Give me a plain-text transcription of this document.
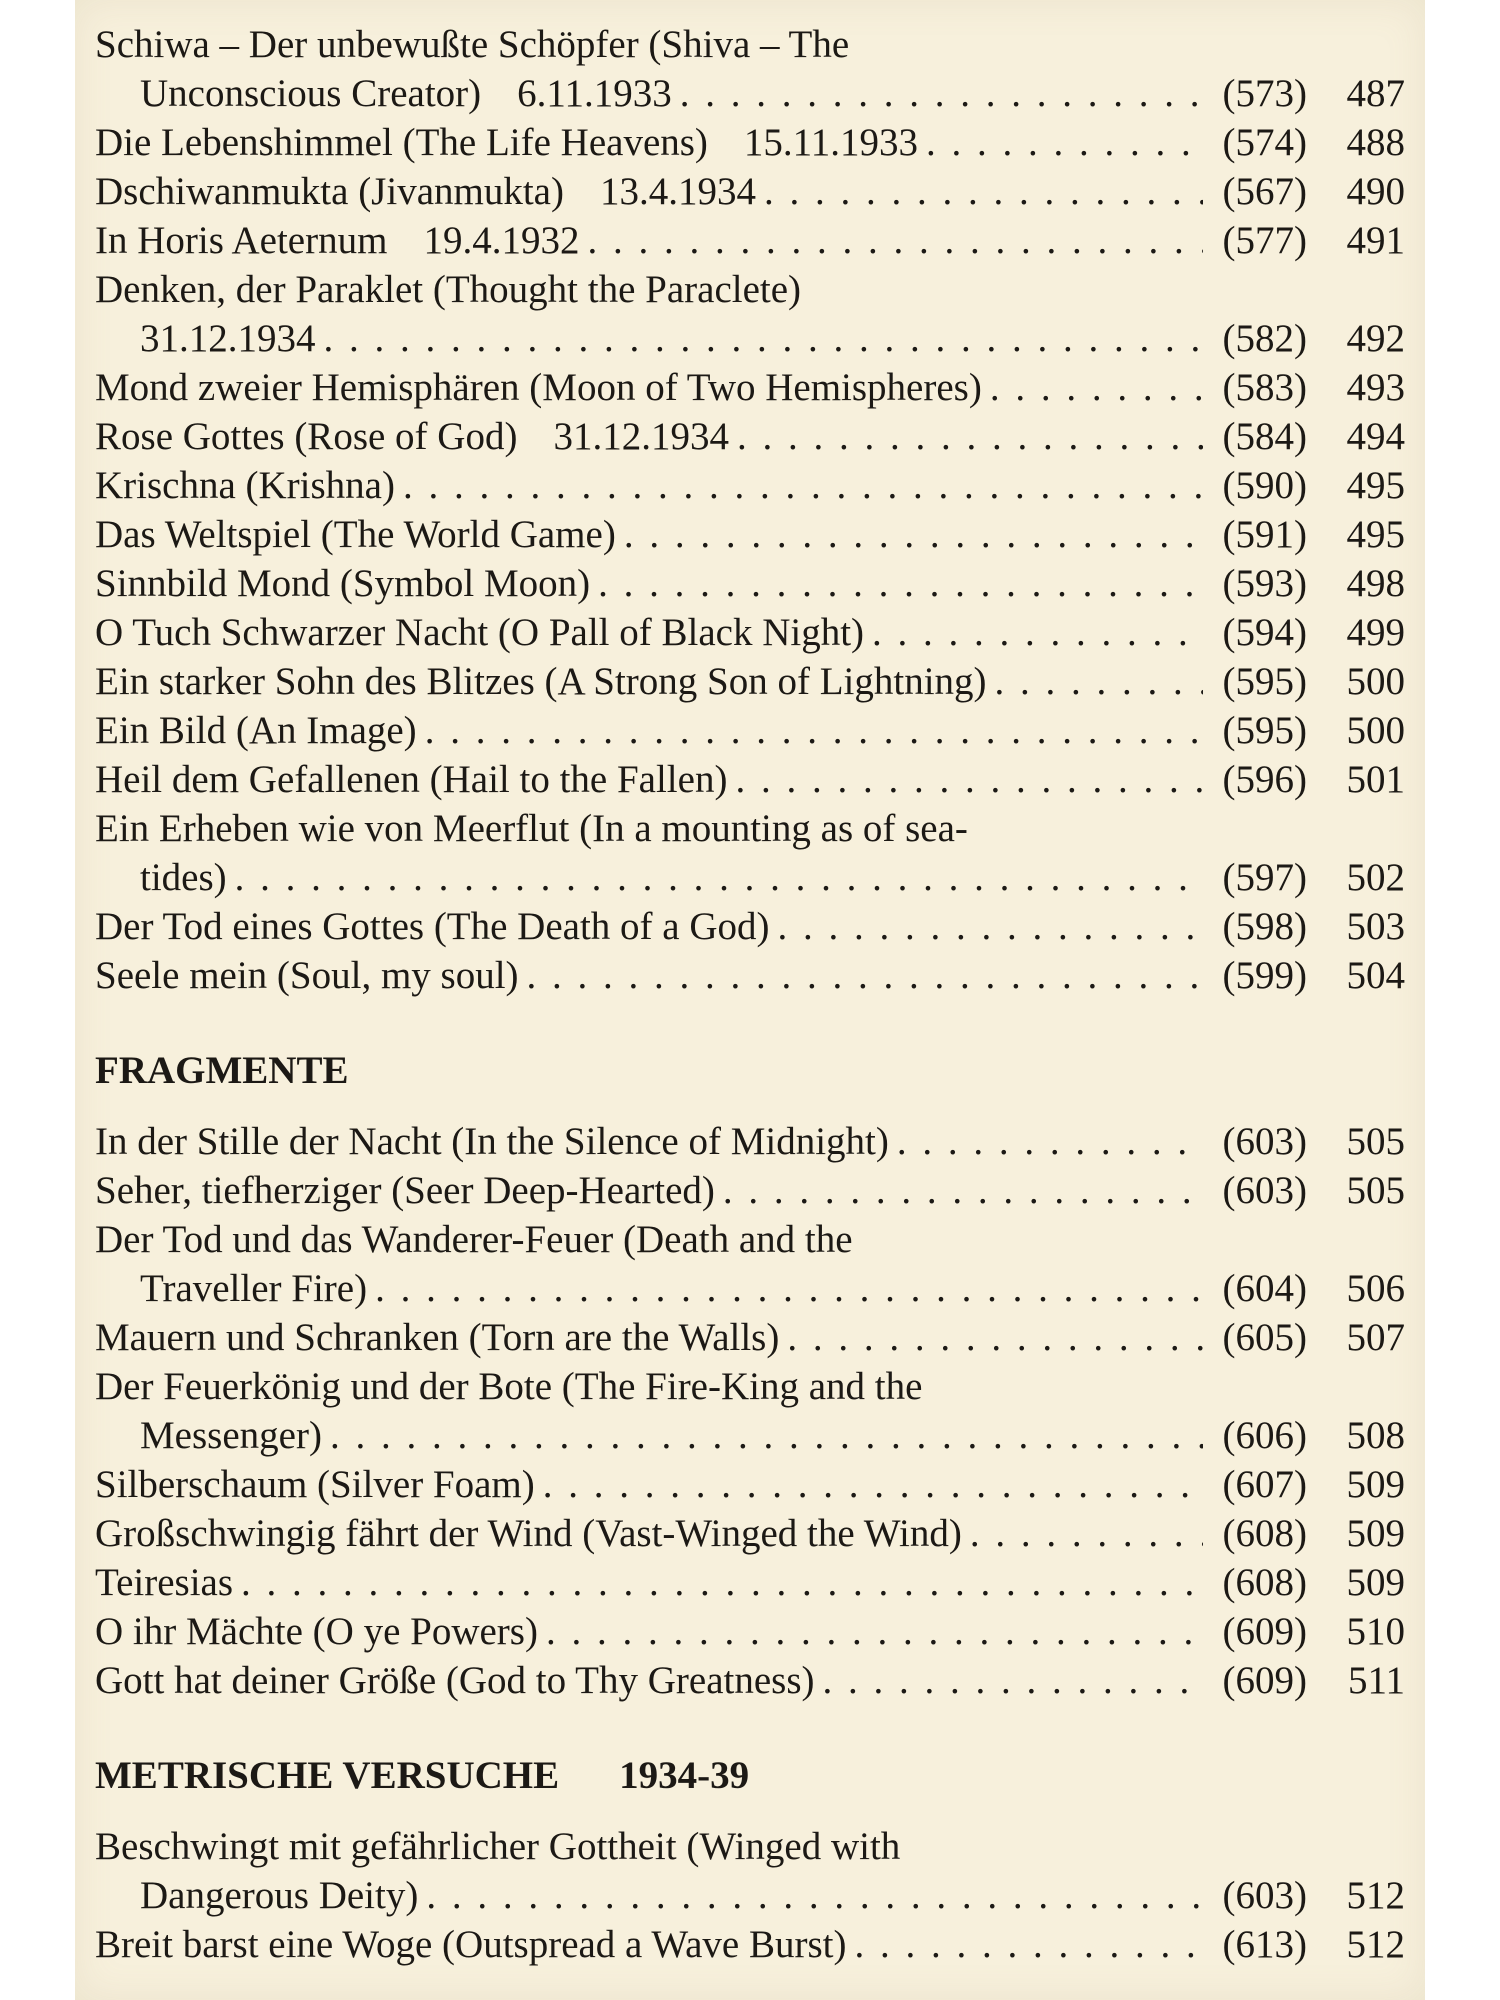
Schiwa – Der unbewußte Schöpfer (Shiva – The
Unconscious Creator) 6.11.1933 . . .	(573)	487
Die Lebenshimmel (The Life Heavens) 15.11.1933 . . .	(574)	488
Dschiwanmukta (Jivanmukta) 13.4.1934 . . .	(567)	490
In Horis Aeternum 19.4.1932 . . .	(577)	491
Denken, der Paraklet (Thought the Paraclete)
31.12.1934 . . .	(582)	492
Mond zweier Hemisphären (Moon of Two Hemispheres) . . .	(583)	493
Rose Gottes (Rose of God) 31.12.1934 . . .	(584)	494
Krischna (Krishna) . . .	(590)	495
Das Weltspiel (The World Game) . . .	(591)	495
Sinnbild Mond (Symbol Moon) . . .	(593)	498
O Tuch Schwarzer Nacht (O Pall of Black Night) . . .	(594)	499
Ein starker Sohn des Blitzes (A Strong Son of Lightning) . . .	(595)	500
Ein Bild (An Image) . . .	(595)	500
Heil dem Gefallenen (Hail to the Fallen) . . .	(596)	501
Ein Erheben wie von Meerflut (In a mounting as of sea-
tides) . . .	(597)	502
Der Tod eines Gottes (The Death of a God) . . .	(598)	503
Seele mein (Soul, my soul) . . .	(599)	504
FRAGMENTE
In der Stille der Nacht (In the Silence of Midnight) . . .	(603)	505
Seher, tiefherziger (Seer Deep-Hearted) . . .	(603)	505
Der Tod und das Wanderer-Feuer (Death and the
Traveller Fire) . . .	(604)	506
Mauern und Schranken (Torn are the Walls) . . .	(605)	507
Der Feuerkönig und der Bote (The Fire-King and the
Messenger) . . .	(606)	508
Silberschaum (Silver Foam) . . .	(607)	509
Großschwingig fährt der Wind (Vast-Winged the Wind) . . .	(608)	509
Teiresias . . .	(608)	509
O ihr Mächte (O ye Powers) . . .	(609)	510
Gott hat deiner Größe (God to Thy Greatness) . . .	(609)	511
METRISCHE VERSUCHE 1934-39
Beschwingt mit gefährlicher Gottheit (Winged with
Dangerous Deity) . . .	(603)	512
Breit barst eine Woge (Outspread a Wave Burst) . . .	(613)	512
